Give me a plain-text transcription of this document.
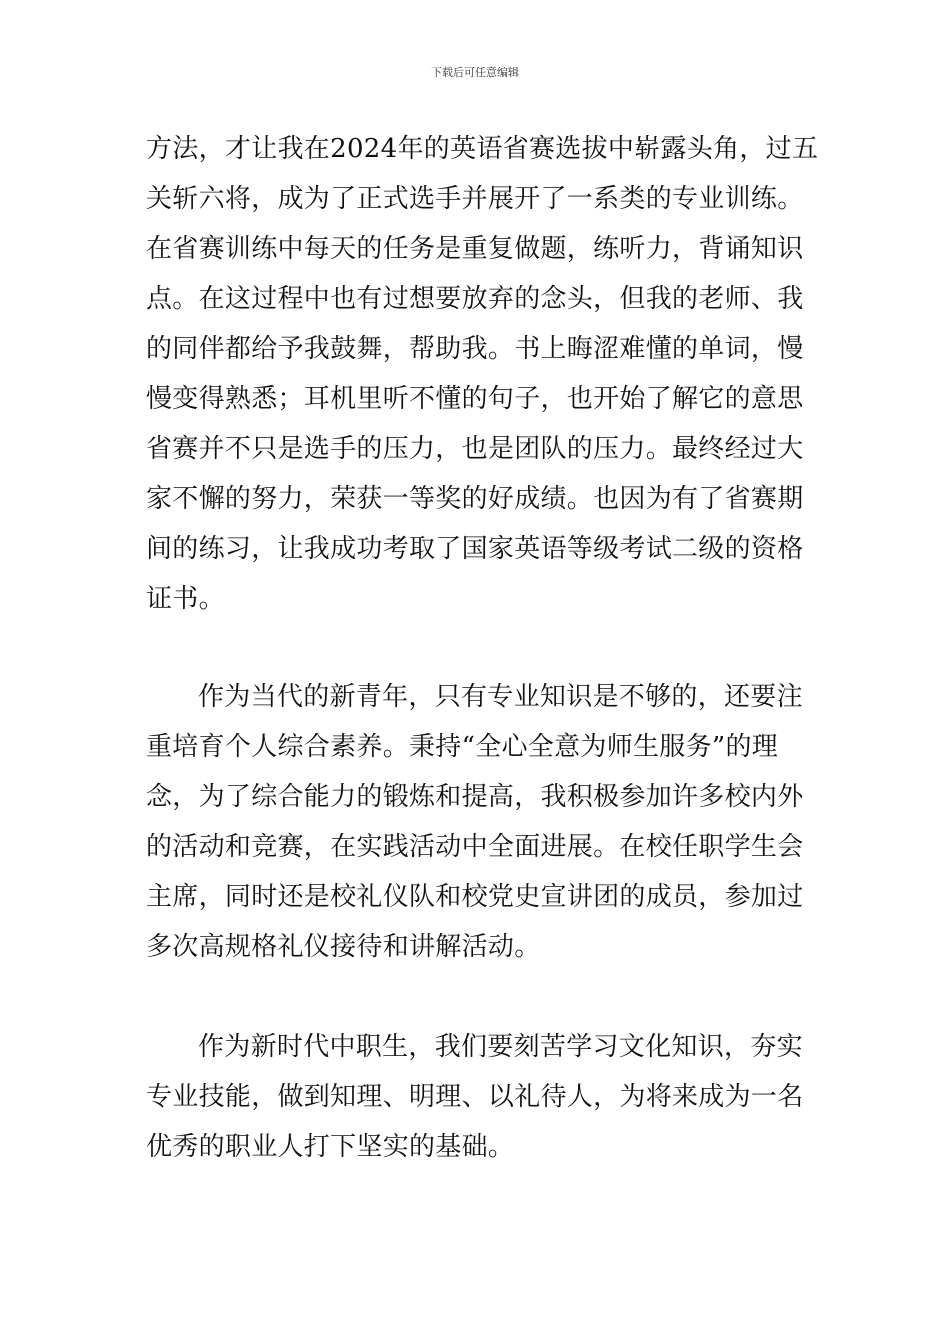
下载后可任意编辑
方法，才让我在2024年的英语省赛选拔中崭露头角，过五
关斩六将，成为了正式选手并展开了一系类的专业训练。
在省赛训练中每天的任务是重复做题，练听力，背诵知识
点。在这过程中也有过想要放弃的念头，但我的老师、我
的同伴都给予我鼓舞，帮助我。书上晦涩难懂的单词，慢
慢变得熟悉；耳机里听不懂的句子，也开始了解它的意思
省赛并不只是选手的压力，也是团队的压力。最终经过大
家不懈的努力，荣获一等奖的好成绩。也因为有了省赛期
间的练习，让我成功考取了国家英语等级考试二级的资格
证书。
作为当代的新青年，只有专业知识是不够的，还要注
重培育个人综合素养。秉持“全心全意为师生服务”的理
念，为了综合能力的锻炼和提高，我积极参加许多校内外
的活动和竞赛，在实践活动中全面进展。在校任职学生会
主席，同时还是校礼仪队和校党史宣讲团的成员，参加过
多次高规格礼仪接待和讲解活动。
作为新时代中职生，我们要刻苦学习文化知识，夯实
专业技能，做到知理、明理、以礼待人，为将来成为一名
优秀的职业人打下坚实的基础。
